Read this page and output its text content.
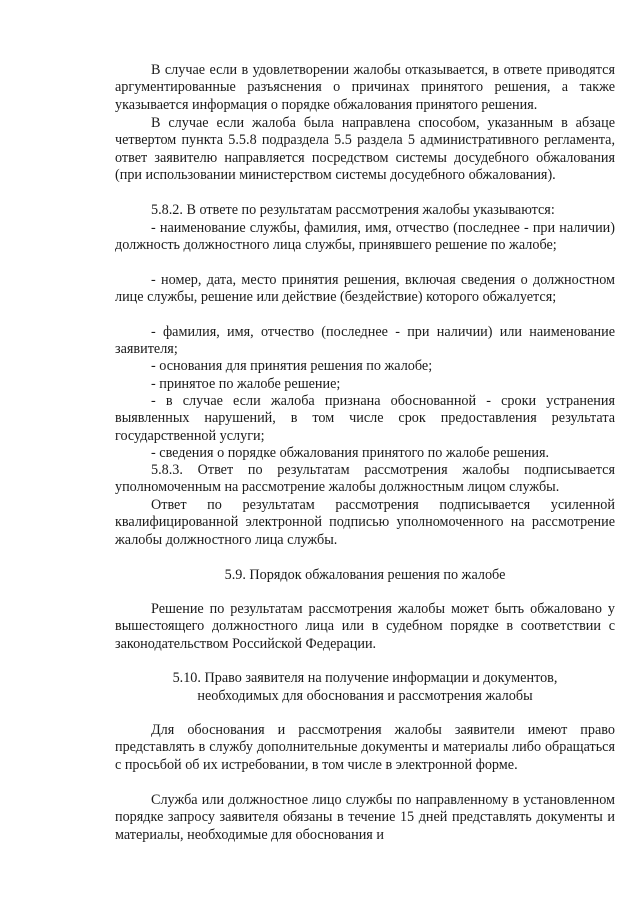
В случае если в удовлетворении жалобы отказывается, в ответе приводятся аргументированные разъяснения о причинах принятого решения, а также указывается информация о порядке обжалования принятого решения.

В случае если жалоба была направлена способом, указанным в абзаце четвертом пункта 5.5.8 подраздела 5.5 раздела 5 административного регламента, ответ заявителю направляется посредством системы досудебного обжалования (при использовании министерством системы досудебного обжалования).

5.8.2. В ответе по результатам рассмотрения жалобы указываются:

- наименование службы, фамилия, имя, отчество (последнее - при наличии) должность должностного лица службы, принявшего решение по жалобе;

- номер, дата, место принятия решения, включая сведения о должностном лице службы, решение или действие (бездействие) которого обжалуется;

- фамилия, имя, отчество (последнее - при наличии) или наименование заявителя;

- основания для принятия решения по жалобе;

- принятое по жалобе решение;

- в случае если жалоба признана обоснованной - сроки устранения выявленных нарушений, в том числе срок предоставления результата государственной услуги;

- сведения о порядке обжалования принятого по жалобе решения.

5.8.3. Ответ по результатам рассмотрения жалобы подписывается уполномоченным на рассмотрение жалобы должностным лицом службы.

Ответ по результатам рассмотрения подписывается усиленной квалифицированной электронной подписью уполномоченного на рассмотрение жалобы должностного лица службы.

5.9. Порядок обжалования решения по жалобе

Решение по результатам рассмотрения жалобы может быть обжаловано у вышестоящего должностного лица или в судебном порядке в соответствии с законодательством Российской Федерации.

5.10. Право заявителя на получение информации и документов,

необходимых для обоснования и рассмотрения жалобы

Для обоснования и рассмотрения жалобы заявители имеют право представлять в службу дополнительные документы и материалы либо обращаться с просьбой об их истребовании, в том числе в электронной форме.

Служба или должностное лицо службы по направленному в установленном порядке запросу заявителя обязаны в течение 15 дней представлять документы и материалы, необходимые для обоснования и
